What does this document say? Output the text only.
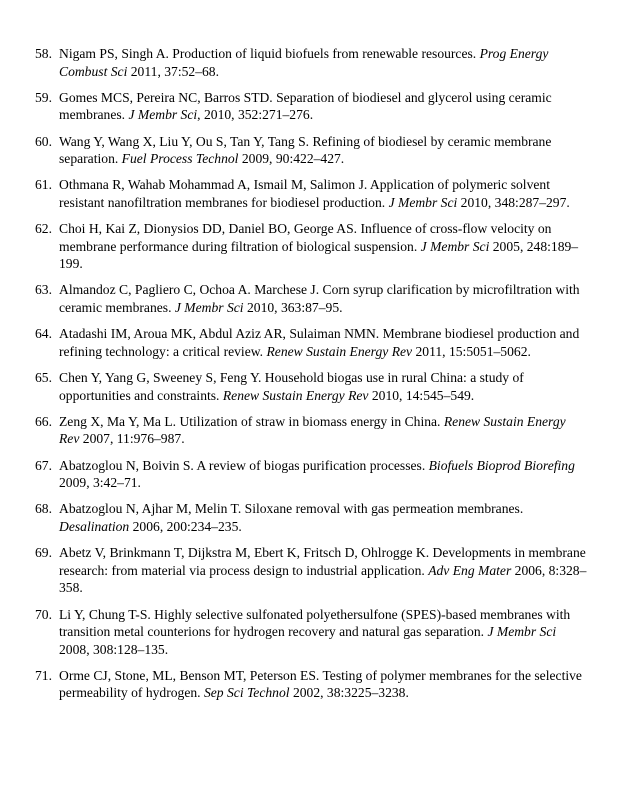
58. Nigam PS, Singh A. Production of liquid biofuels from renewable resources. Prog Energy Combust Sci 2011, 37:52–68.
59. Gomes MCS, Pereira NC, Barros STD. Separation of biodiesel and glycerol using ceramic membranes. J Membr Sci, 2010, 352:271–276.
60. Wang Y, Wang X, Liu Y, Ou S, Tan Y, Tang S. Refining of biodiesel by ceramic membrane separation. Fuel Process Technol 2009, 90:422–427.
61. Othmana R, Wahab Mohammad A, Ismail M, Salimon J. Application of polymeric solvent resistant nanofiltration membranes for biodiesel production. J Membr Sci 2010, 348:287–297.
62. Choi H, Kai Z, Dionysios DD, Daniel BO, George AS. Influence of cross-flow velocity on membrane performance during filtration of biological suspension. J Membr Sci 2005, 248:189–199.
63. Almandoz C, Pagliero C, Ochoa A. Marchese J. Corn syrup clarification by microfiltration with ceramic membranes. J Membr Sci 2010, 363:87–95.
64. Atadashi IM, Aroua MK, Abdul Aziz AR, Sulaiman NMN. Membrane biodiesel production and refining technology: a critical review. Renew Sustain Energy Rev 2011, 15:5051–5062.
65. Chen Y, Yang G, Sweeney S, Feng Y. Household biogas use in rural China: a study of opportunities and constraints. Renew Sustain Energy Rev 2010, 14:545–549.
66. Zeng X, Ma Y, Ma L. Utilization of straw in biomass energy in China. Renew Sustain Energy Rev 2007, 11:976–987.
67. Abatzoglou N, Boivin S. A review of biogas purification processes. Biofuels Bioprod Biorefing 2009, 3:42–71.
68. Abatzoglou N, Ajhar M, Melin T. Siloxane removal with gas permeation membranes. Desalination 2006, 200:234–235.
69. Abetz V, Brinkmann T, Dijkstra M, Ebert K, Fritsch D, Ohlrogge K. Developments in membrane research: from material via process design to industrial application. Adv Eng Mater 2006, 8:328–358.
70. Li Y, Chung T-S. Highly selective sulfonated polyethersulfone (SPES)-based membranes with transition metal counterions for hydrogen recovery and natural gas separation. J Membr Sci 2008, 308:128–135.
71. Orme CJ, Stone, ML, Benson MT, Peterson ES. Testing of polymer membranes for the selective permeability of hydrogen. Sep Sci Technol 2002, 38:3225–3238.
